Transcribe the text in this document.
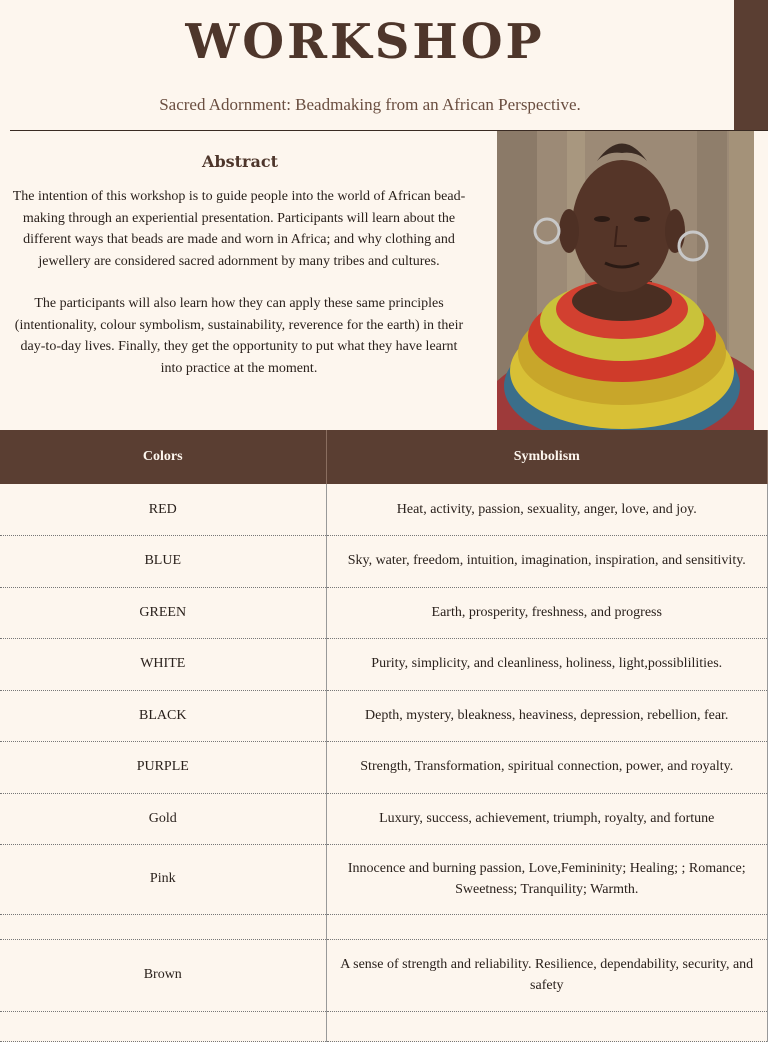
WORKSHOP
Sacred Adornment: Beadmaking from an African Perspective.
Abstract

The intention of this workshop is to guide people into the world of African bead-making through an experiential presentation. Participants will learn about the different ways that beads are made and worn in Africa; and why clothing and jewellery are considered sacred adornment by many tribes and cultures.

The participants will also learn how they can apply these same principles (intentionality, colour symbolism, sustainability, reverence for the earth) in their day-to-day lives. Finally, they get the opportunity to put what they have learnt into practice at the moment.

Colors	Symbolism
RED	Heat, activity, passion, sexuality, anger, love, and joy.
BLUE	Sky, water, freedom, intuition, imagination, inspiration, and sensitivity.
GREEN	Earth, prosperity, freshness, and progress
WHITE	Purity, simplicity, and cleanliness, holiness, light,possiblilities.
BLACK	Depth, mystery, bleakness, heaviness, depression, rebellion, fear.
PURPLE	Strength, Transformation, spiritual connection, power, and royalty.
Gold	Luxury, success, achievement, triumph, royalty, and fortune
Pink	Innocence and burning passion, Love,Femininity; Healing; ; Romance; Sweetness; Tranquility; Warmth.

Brown	A sense of strength and reliability. Resilience, dependability, security, and safety
